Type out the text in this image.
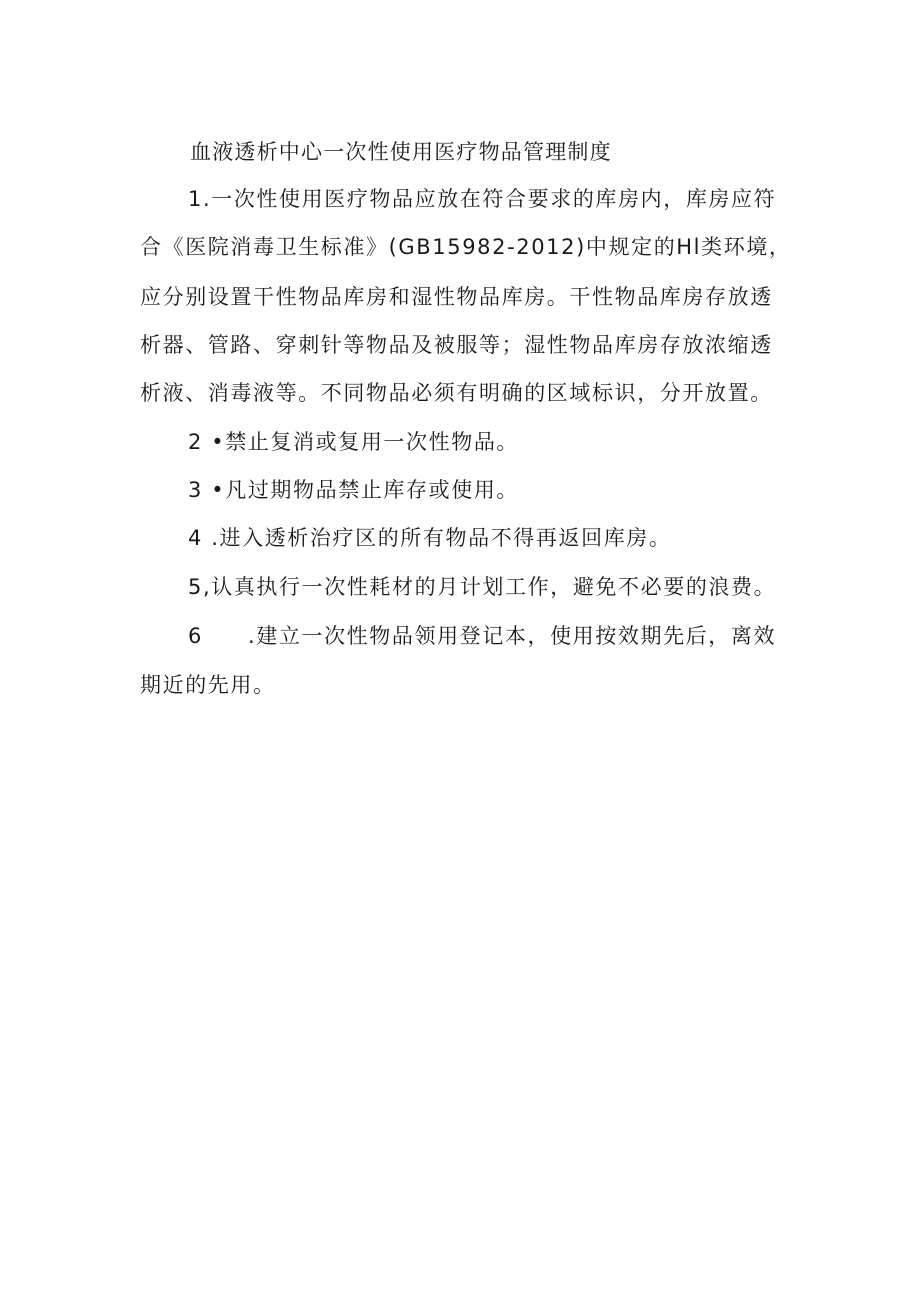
血液透析中心一次性使用医疗物品管理制度
1.一次性使用医疗物品应放在符合要求的库房内，库房应符
合《医院消毒卫生标准》(GB15982-2012)中规定的Hl类环境，
应分别设置干性物品库房和湿性物品库房。干性物品库房存放透
析器、管路、穿刺针等物品及被服等；湿性物品库房存放浓缩透
析液、消毒液等。不同物品必须有明确的区域标识，分开放置。
2 •禁止复消或复用一次性物品。
3 •凡过期物品禁止库存或使用。
4 .进入透析治疗区的所有物品不得再返回库房。
5,认真执行一次性耗材的月计划工作，避免不必要的浪费。
6 .建立一次性物品领用登记本，使用按效期先后，离效
期近的先用。
